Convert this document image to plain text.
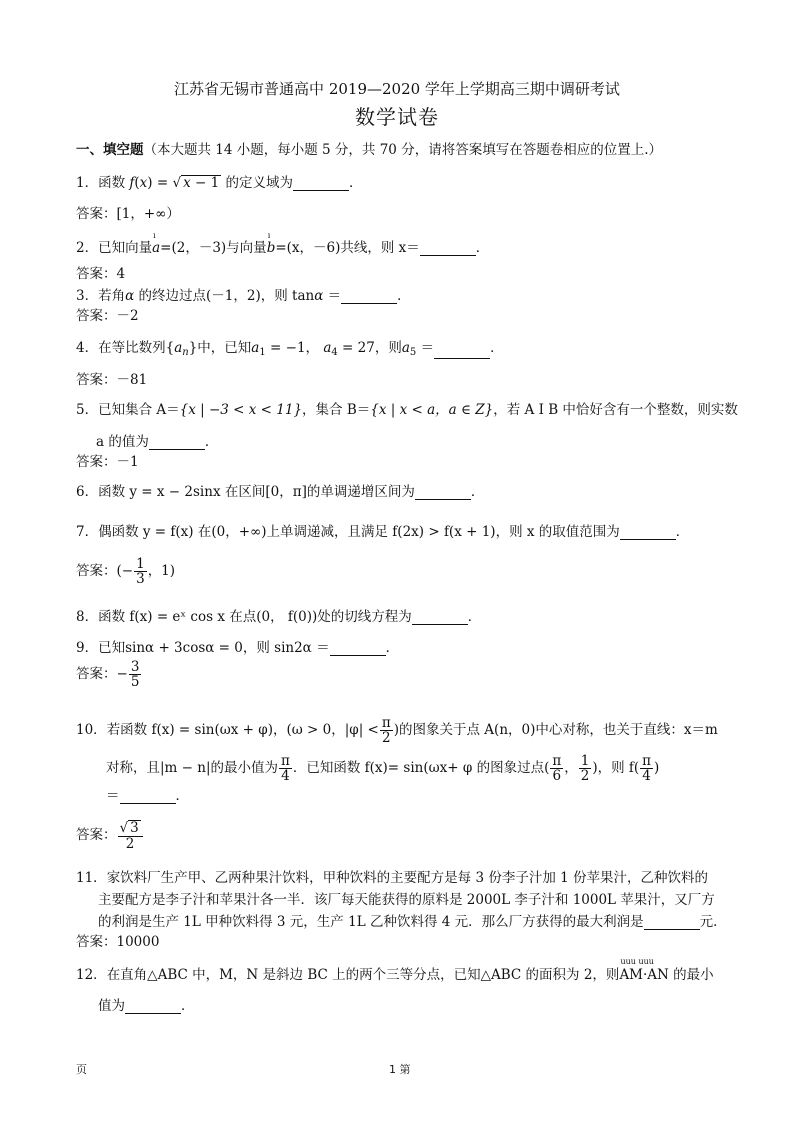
江苏省无锡市普通高中 2019—2020 学年上学期高三期中调研考试
数学试卷
一、填空题（本大题共 14 小题，每小题 5 分，共 70 分，请将答案填写在答题卷相应的位置上.）
1．函数 f(x) = √ x − 1 的定义域为	．
答案：[1，+∞）
2．已知向量
ı
a=(2，－3)与向量
ı
b=(x，－6)共线，则 x＝	．
答案：4
3．若角α 的终边过点(－1，2)，则 tanα ＝	．
答案：－2
4．在等比数列$\{a_n\}$中，已知$a_1 = -1$， $a_4 = 27$，则$a_5$ ＝	．
答案：－81
5．已知集合 A＝{x | −3 < x < 11}，集合 B＝{x | x < a，a ∈ Z}，若 A I B 中恰好含有一个整数，则实数
a 的值为	．
答案：－1
6．函数 y = x − 2sinx 在区间[0，π]的单调递增区间为	．
7．偶函数 y = f(x) 在(0，+∞)上单调递减，且满足 f(2x) > f(x + 1)，则 x 的取值范围为	．
答案：(− $\frac{1}{3}$ ，1)
8．函数 f(x) = eˣ cos x 在点(0， f(0))处的切线方程为	．
9．已知sinα + 3cosα = 0，则 sin2α ＝	．
答案：− $\frac{3}{5}$
10．若函数 f(x) = sin(ωx + φ)，(ω > 0，$|\varphi| < \frac{\pi}{2}$ )的图象关于点 A(n，0)中心对称，也关于直线：x＝m
对称，且|m − n|的最小值为 $\frac{\pi}{4}$ ．已知函数 f(x)= sin(ωx+ φ 的图象过点( $\frac{\pi}{6}$ ， $\frac{1}{2}$ )，则 $f( \frac{\pi}{4}$ )
＝	．
答案： $\frac{√ 3}{2}$
11．家饮料厂生产甲、乙两种果汁饮料，甲种饮料的主要配方是每 3 份李子汁加 1 份苹果汁，乙种饮料的
主要配方是李子汁和苹果汁各一半．该厂每天能获得的原料是 2000L 李子汁和 1000L 苹果汁，又厂方
的利润是生产 1L 甲种饮料得 3 元，生产 1L 乙种饮料得 4 元．那么厂方获得的最大利润是	元．
答案：10000
12．在直角△ABC 中，M，N 是斜边 BC 上的两个三等分点，已知△ABC 的面积为 2，则
uuu uuu
AM·AN 的最小
值为	．
页	1 第
